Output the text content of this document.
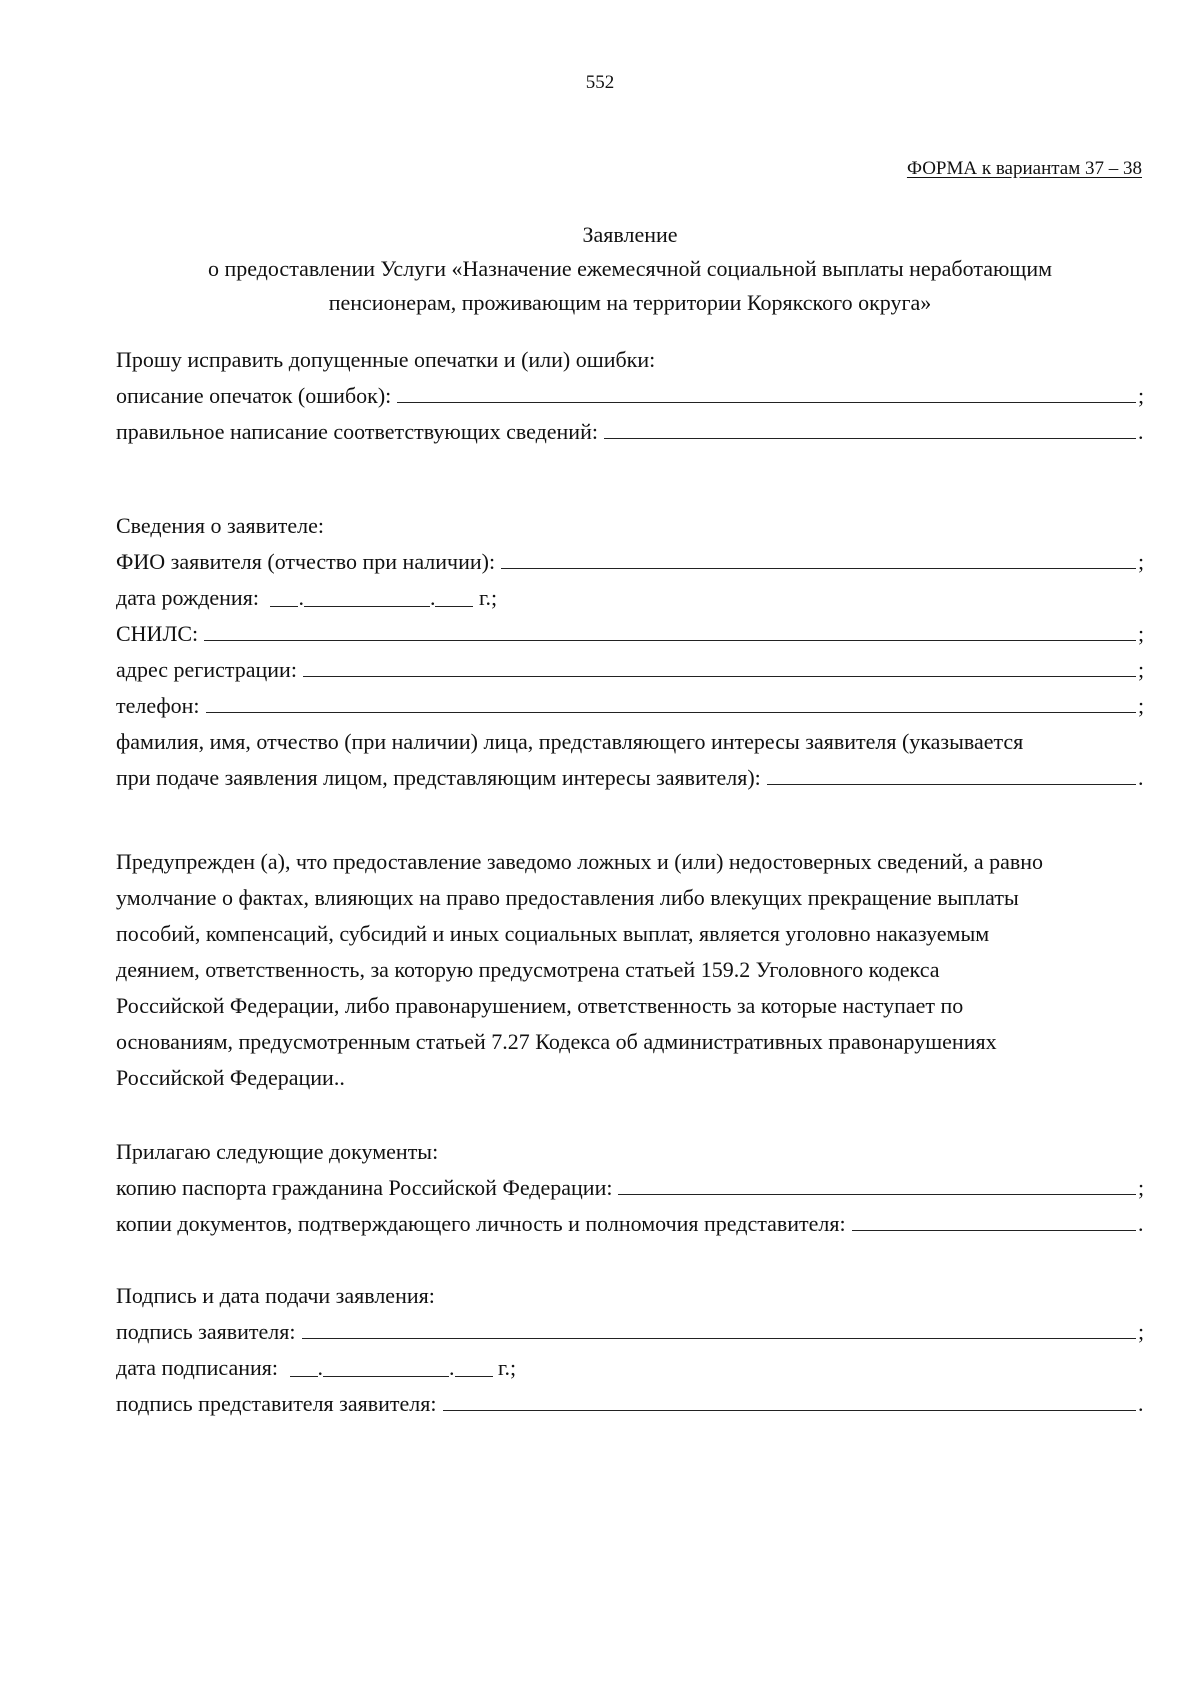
552
ФОРМА к вариантам 37 – 38
Заявление
о предоставлении Услуги «Назначение ежемесячной социальной выплаты неработающим
пенсионерам, проживающим на территории Корякского округа»
Прошу исправить допущенные опечатки и (или) ошибки:
описание опечаток (ошибок):	;
правильное написание соответствующих сведений:	.
Сведения о заявителе:
ФИО заявителя (отчество при наличии):	;
дата рождения: .	. г.;
СНИЛС:	;
адрес регистрации:	;
телефон:	;
фамилия, имя, отчество (при наличии) лица, представляющего интересы заявителя (указывается
при подаче заявления лицом, представляющим интересы заявителя):	.
Предупрежден (а), что предоставление заведомо ложных и (или) недостоверных сведений, а равно
умолчание о фактах, влияющих на право предоставления либо влекущих прекращение выплаты
пособий, компенсаций, субсидий и иных социальных выплат, является уголовно наказуемым
деянием, ответственность, за которую предусмотрена статьей 159.2 Уголовного кодекса
Российской Федерации, либо правонарушением, ответственность за которые наступает по
основаниям, предусмотренным статьей 7.27 Кодекса об административных правонарушениях
Российской Федерации..
Прилагаю следующие документы:
копию паспорта гражданина Российской Федерации:	;
копии документов, подтверждающего личность и полномочия представителя:	.
Подпись и дата подачи заявления:
подпись заявителя:	;
дата подписания: .	. г.;
подпись представителя заявителя:	.
